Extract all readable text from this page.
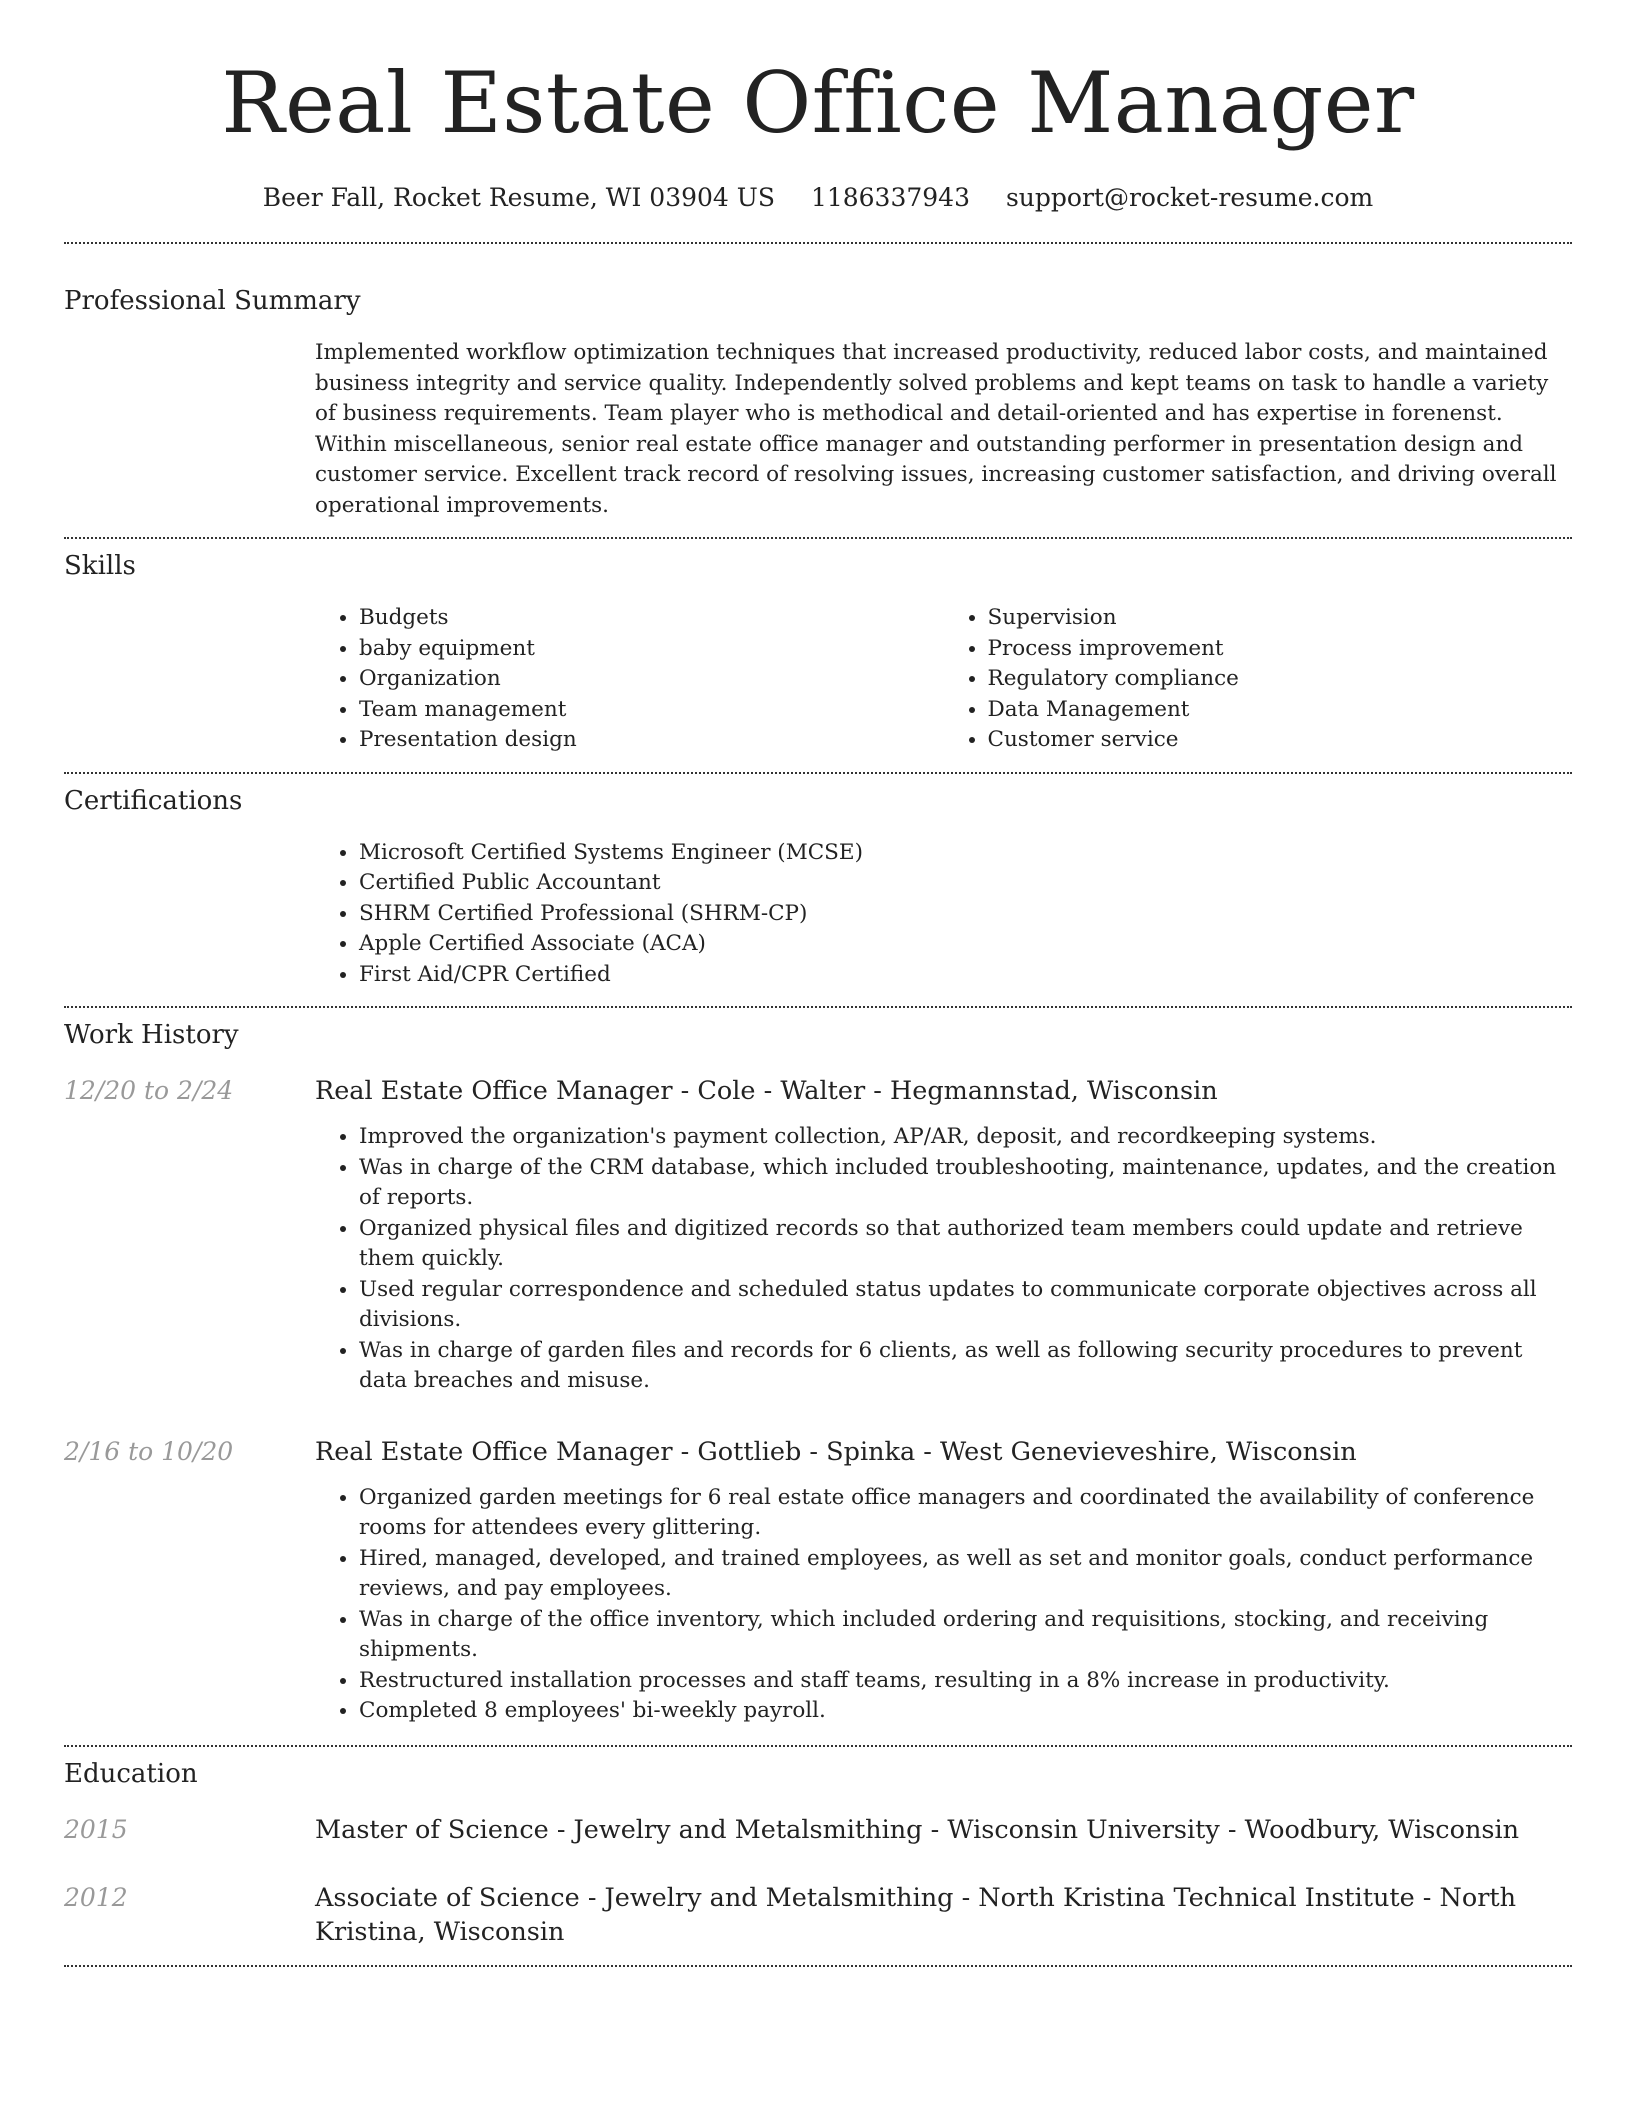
Real Estate Office Manager
Beer Fall, Rocket Resume, WI 03904 US 1186337943 support@rocket-resume.com
Professional Summary

Implemented workflow optimization techniques that increased productivity, reduced labor costs, and maintained business integrity and service quality. Independently solved problems and kept teams on task to handle a variety of business requirements. Team player who is methodical and detail-oriented and has expertise in forenenst. Within miscellaneous, senior real estate office manager and outstanding performer in presentation design and customer service. Excellent track record of resolving issues, increasing customer satisfaction, and driving overall operational improvements.

Skills
• Budgets
• baby equipment
• Organization
• Team management
• Presentation design
• Supervision
• Process improvement
• Regulatory compliance
• Data Management
• Customer service
Certifications
• Microsoft Certified Systems Engineer (MCSE)
• Certified Public Accountant
• SHRM Certified Professional (SHRM-CP)
• Apple Certified Associate (ACA)
• First Aid/CPR Certified
Work History
12/20 to 2/24	Real Estate Office Manager - Cole - Walter - Hegmannstad, Wisconsin
• Improved the organization's payment collection, AP/AR, deposit, and recordkeeping systems.
• Was in charge of the CRM database, which included troubleshooting, maintenance, updates, and the creation of reports.
• Organized physical files and digitized records so that authorized team members could update and retrieve them quickly.
• Used regular correspondence and scheduled status updates to communicate corporate objectives across all divisions.
• Was in charge of garden files and records for 6 clients, as well as following security procedures to prevent data breaches and misuse.
2/16 to 10/20	Real Estate Office Manager - Gottlieb - Spinka - West Genevieveshire, Wisconsin
• Organized garden meetings for 6 real estate office managers and coordinated the availability of conference rooms for attendees every glittering.
• Hired, managed, developed, and trained employees, as well as set and monitor goals, conduct performance reviews, and pay employees.
• Was in charge of the office inventory, which included ordering and requisitions, stocking, and receiving shipments.
• Restructured installation processes and staff teams, resulting in a 8% increase in productivity.
• Completed 8 employees' bi-weekly payroll.
Education
2015	Master of Science - Jewelry and Metalsmithing - Wisconsin University - Woodbury, Wisconsin
2012	Associate of Science - Jewelry and Metalsmithing - North Kristina Technical Institute - North Kristina, Wisconsin
